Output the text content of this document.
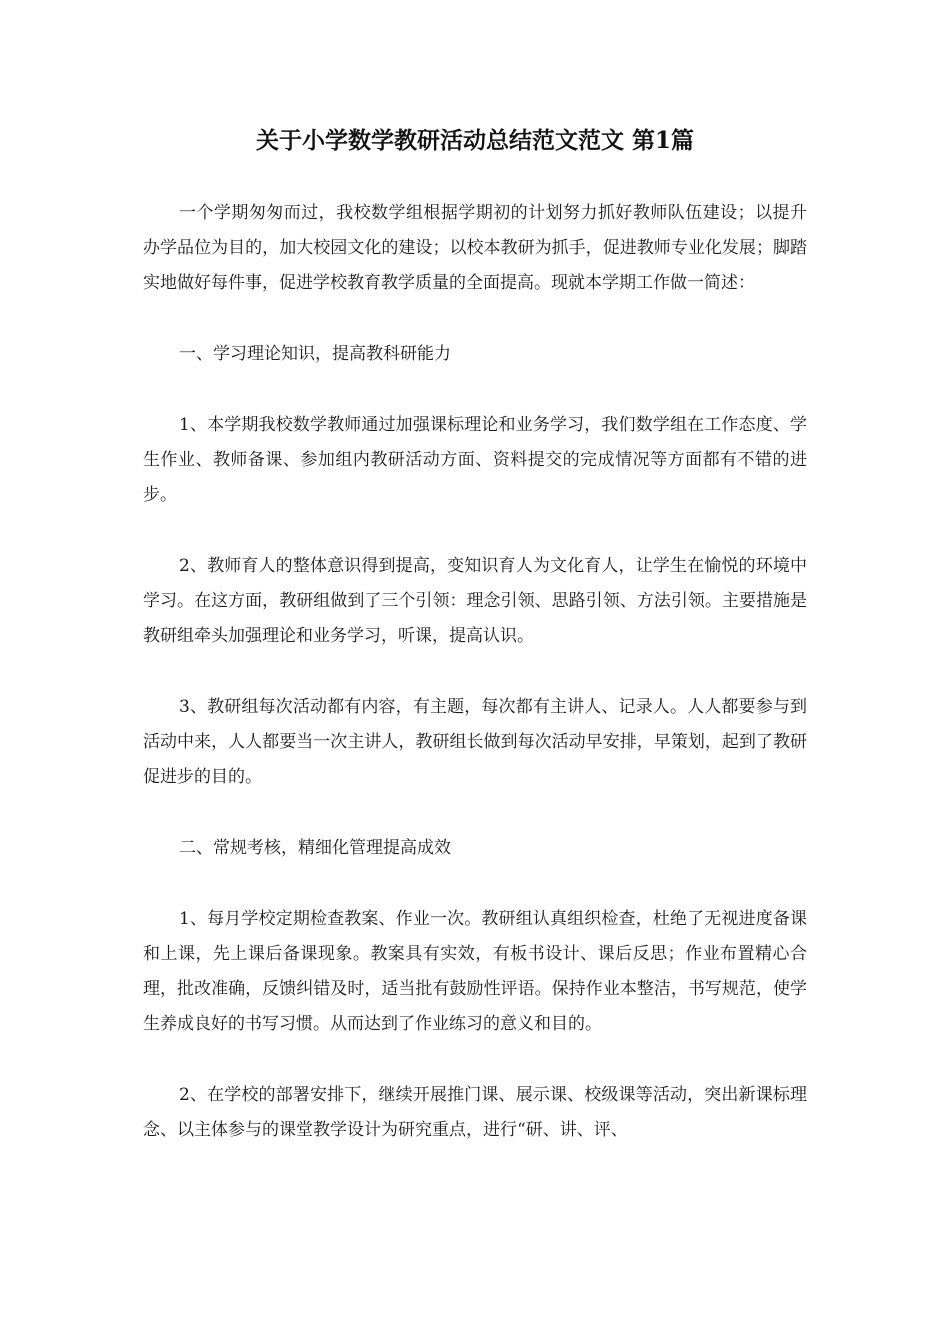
关于小学数学教研活动总结范文范文 第1篇

一个学期匆匆而过，我校数学组根据学期初的计划努力抓好教师队伍建设；以提升办学品位为目的，加大校园文化的建设；以校本教研为抓手，促进教师专业化发展；脚踏实地做好每件事，促进学校教育教学质量的全面提高。现就本学期工作做一简述：

一、学习理论知识，提高教科研能力

1、本学期我校数学教师通过加强课标理论和业务学习，我们数学组在工作态度、学生作业、教师备课、参加组内教研活动方面、资料提交的完成情况等方面都有不错的进步。

2、教师育人的整体意识得到提高，变知识育人为文化育人，让学生在愉悦的环境中学习。在这方面，教研组做到了三个引领：理念引领、思路引领、方法引领。主要措施是教研组牵头加强理论和业务学习，听课，提高认识。

3、教研组每次活动都有内容，有主题，每次都有主讲人、记录人。人人都要参与到活动中来，人人都要当一次主讲人，教研组长做到每次活动早安排，早策划，起到了教研促进步的目的。

二、常规考核，精细化管理提高成效

1、每月学校定期检查教案、作业一次。教研组认真组织检查，杜绝了无视进度备课和上课，先上课后备课现象。教案具有实效，有板书设计、课后反思；作业布置精心合理，批改准确，反馈纠错及时，适当批有鼓励性评语。保持作业本整洁，书写规范，使学生养成良好的书写习惯。从而达到了作业练习的意义和目的。

2、在学校的部署安排下，继续开展推门课、展示课、校级课等活动，突出新课标理念、以主体参与的课堂教学设计为研究重点，进行“研、讲、评、
